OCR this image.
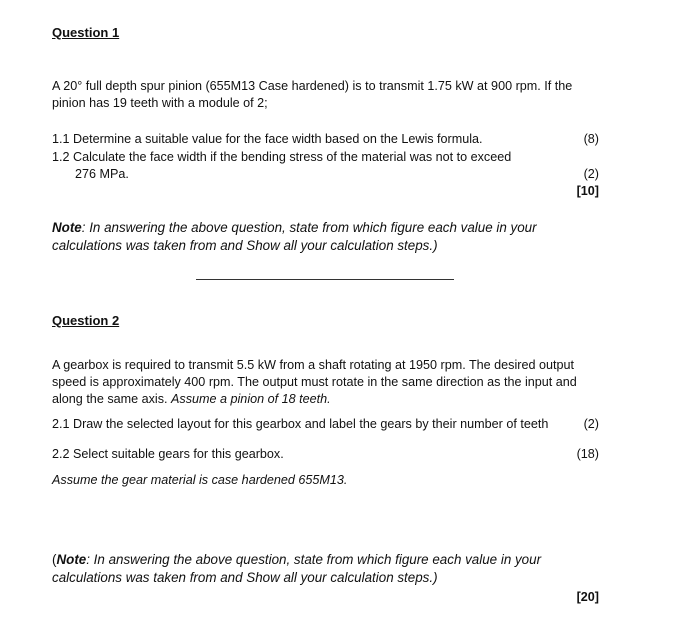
Question 1
A 20° full depth spur pinion (655M13 Case hardened) is to transmit 1.75 kW at 900 rpm. If the
pinion has 19 teeth with a module of 2;
1.1 Determine a suitable value for the face width based on the Lewis formula.	(8)
1.2 Calculate the face width if the bending stress of the material was not to exceed
276 MPa.	(2)
[10]
Note: In answering the above question, state from which figure each value in your
calculations was taken from and Show all your calculation steps.)
Question 2
A gearbox is required to transmit 5.5 kW from a shaft rotating at 1950 rpm. The desired output
speed is approximately 400 rpm. The output must rotate in the same direction as the input and
along the same axis. Assume a pinion of 18 teeth.
2.1 Draw the selected layout for this gearbox and label the gears by their number of teeth	(2)
2.2 Select suitable gears for this gearbox.	(18)
Assume the gear material is case hardened 655M13.
(Note: In answering the above question, state from which figure each value in your
calculations was taken from and Show all your calculation steps.)
[20]
